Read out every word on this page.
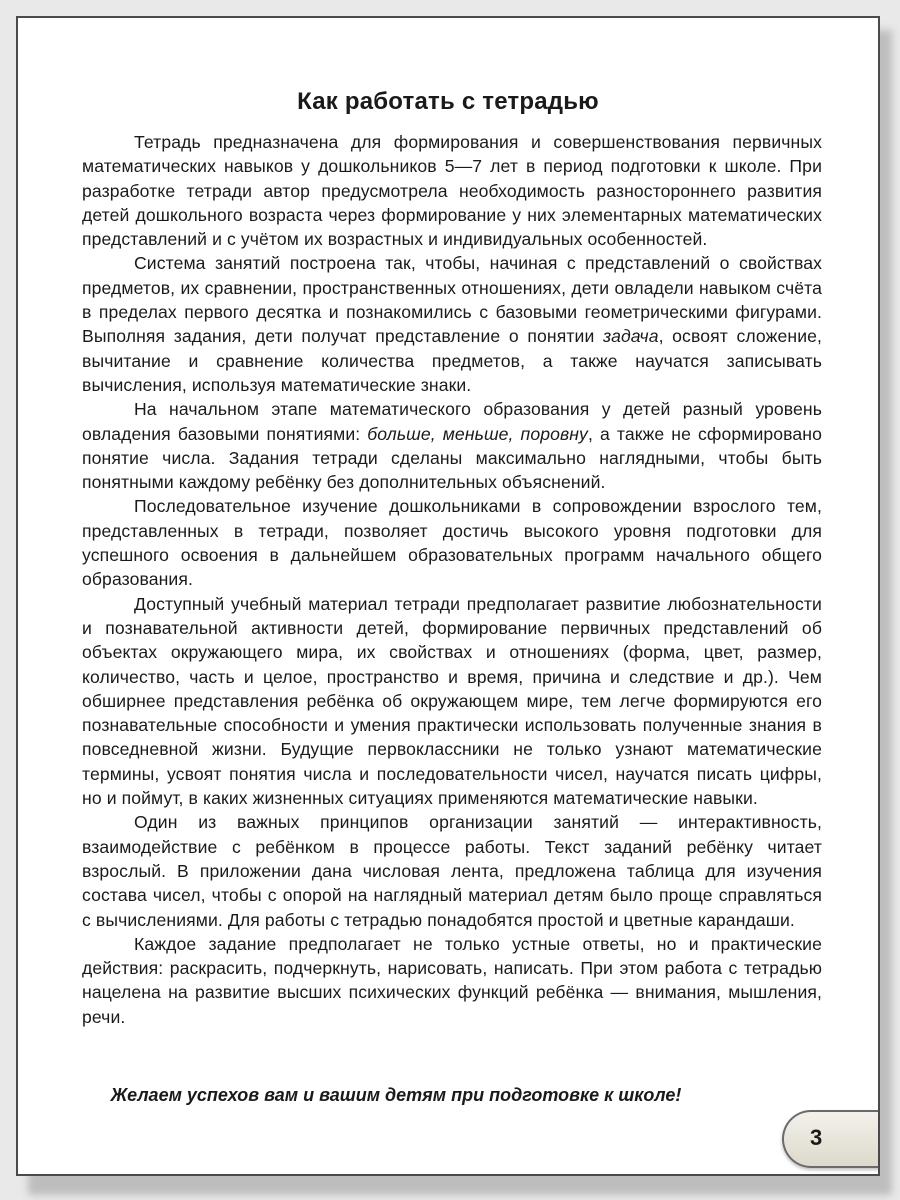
Как работать с тетрадью

Тетрадь предназначена для формирования и совершенствования первичных математических навыков у дошкольников 5—7 лет в период подготовки к школе. При разработке тетради автор предусмотрела необходимость разностороннего развития детей дошкольного возраста через формирование у них элементарных математических представлений и с учётом их возрастных и индивидуальных особенностей.

Система занятий построена так, чтобы, начиная с представлений о свойствах предметов, их сравнении, пространственных отношениях, дети овладели навыком счёта в пределах первого десятка и познакомились с базовыми геометрическими фигурами. Выполняя задания, дети получат представление о понятии задача, освоят сложение, вычитание и сравнение количества предметов, а также научатся записывать вычисления, используя математические знаки.

На начальном этапе математического образования у детей разный уровень овладения базовыми понятиями: больше, меньше, поровну, а также не сформировано понятие числа. Задания тетради сделаны максимально наглядными, чтобы быть понятными каждому ребёнку без дополнительных объяснений.

Последовательное изучение дошкольниками в сопровождении взрослого тем, представленных в тетради, позволяет достичь высокого уровня подготовки для успешного освоения в дальнейшем образовательных программ начального общего образования.

Доступный учебный материал тетради предполагает развитие любознательности и познавательной активности детей, формирование первичных представлений об объектах окружающего мира, их свойствах и отношениях (форма, цвет, размер, количество, часть и целое, пространство и время, причина и следствие и др.). Чем обширнее представления ребёнка об окружающем мире, тем легче формируются его познавательные способности и умения практически использовать полученные знания в повседневной жизни. Будущие первоклассники не только узнают математические термины, усвоят понятия числа и последовательности чисел, научатся писать цифры, но и поймут, в каких жизненных ситуациях применяются математические навыки.

Один из важных принципов организации занятий — интерактивность, взаимодействие с ребёнком в процессе работы. Текст заданий ребёнку читает взрослый. В приложении дана числовая лента, предложена таблица для изучения состава чисел, чтобы с опорой на наглядный материал детям было проще справляться с вычислениями. Для работы с тетрадью понадобятся простой и цветные карандаши.

Каждое задание предполагает не только устные ответы, но и практические действия: раскрасить, подчеркнуть, нарисовать, написать. При этом работа с тетрадью нацелена на развитие высших психических функций ребёнка — внимания, мышления, речи.

Желаем успехов вам и вашим детям при подготовке к школе!
3
